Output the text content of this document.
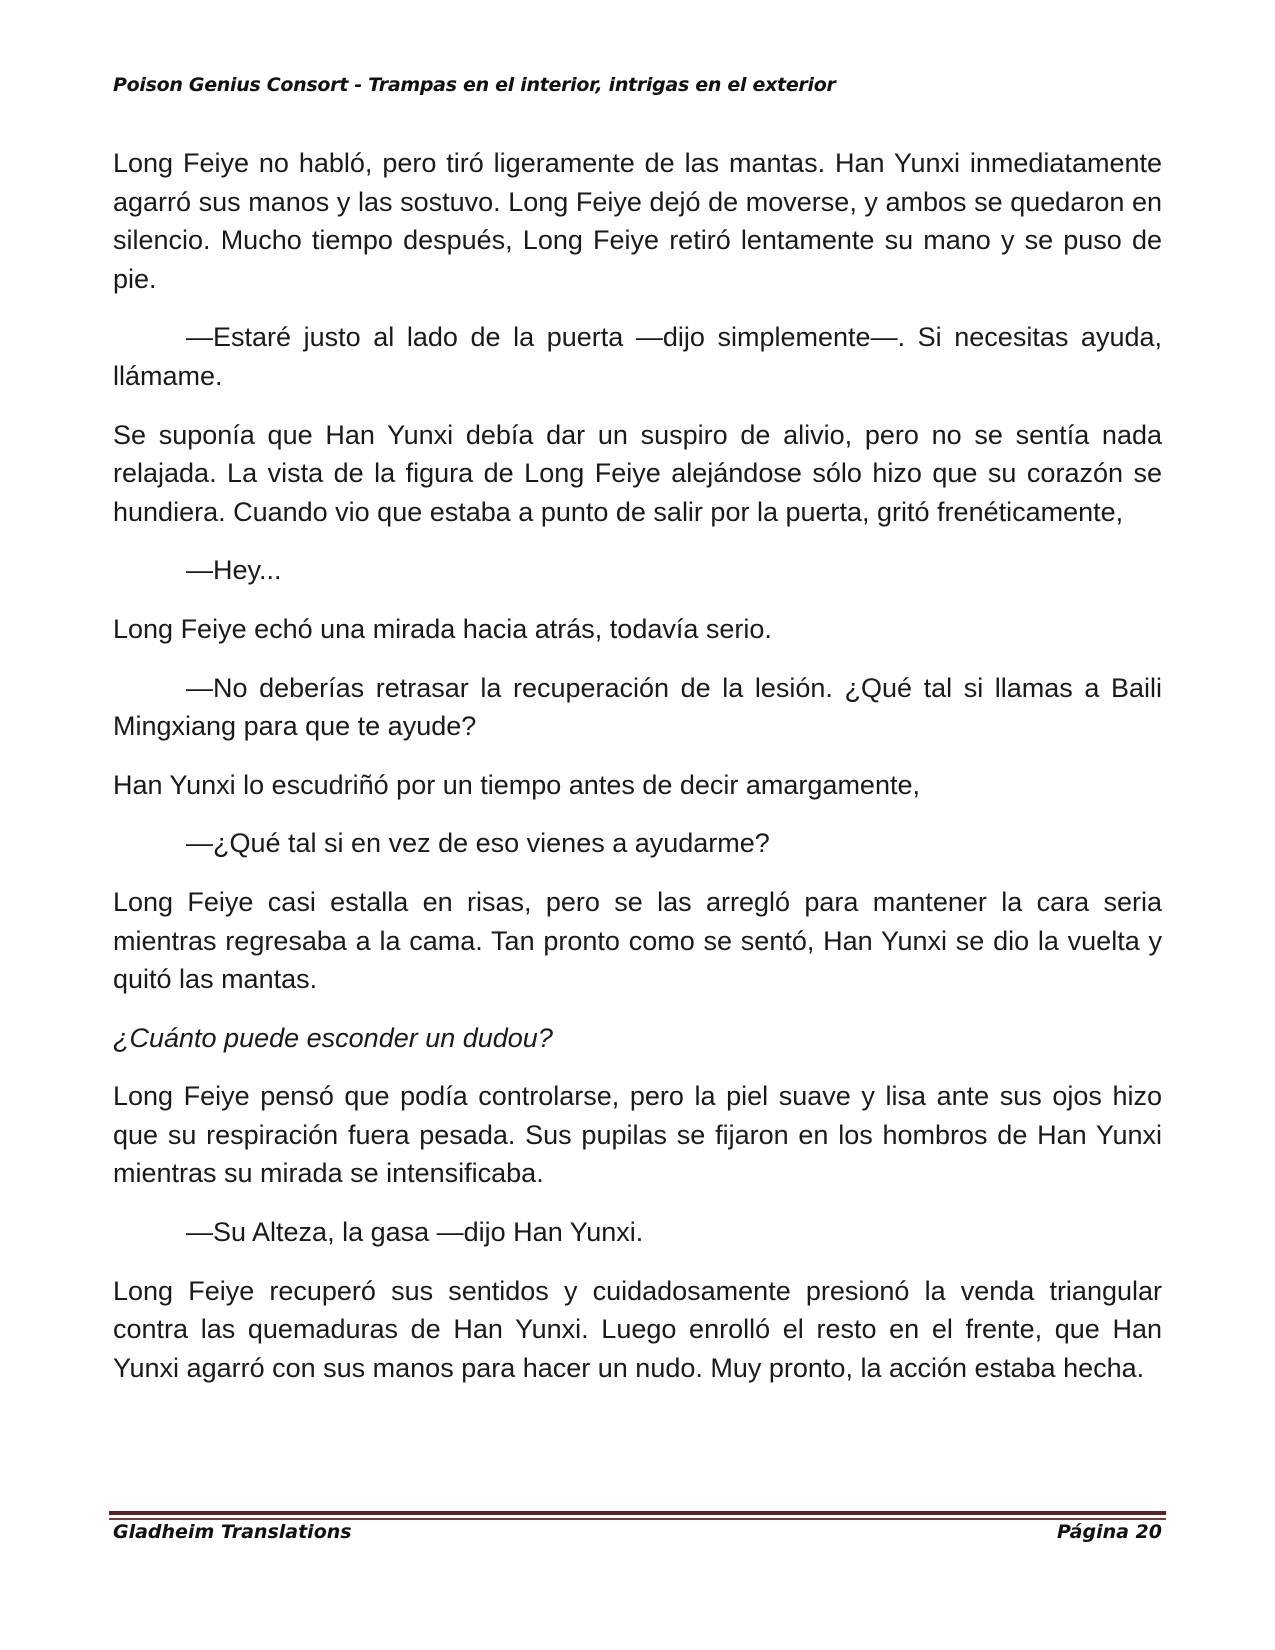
Poison Genius Consort - Trampas en el interior, intrigas en el exterior

Long Feiye no habló, pero tiró ligeramente de las mantas. Han Yunxi inmediatamente agarró sus manos y las sostuvo. Long Feiye dejó de moverse, y ambos se quedaron en silencio. Mucho tiempo después, Long Feiye retiró lentamente su mano y se puso de pie.

—Estaré justo al lado de la puerta —dijo simplemente—. Si necesitas ayuda, llámame.

Se suponía que Han Yunxi debía dar un suspiro de alivio, pero no se sentía nada relajada. La vista de la figura de Long Feiye alejándose sólo hizo que su corazón se hundiera. Cuando vio que estaba a punto de salir por la puerta, gritó frenéticamente,

—Hey...

Long Feiye echó una mirada hacia atrás, todavía serio.

—No deberías retrasar la recuperación de la lesión. ¿Qué tal si llamas a Baili Mingxiang para que te ayude?

Han Yunxi lo escudriñó por un tiempo antes de decir amargamente,

—¿Qué tal si en vez de eso vienes a ayudarme?

Long Feiye casi estalla en risas, pero se las arregló para mantener la cara seria mientras regresaba a la cama. Tan pronto como se sentó, Han Yunxi se dio la vuelta y quitó las mantas.

¿Cuánto puede esconder un dudou?

Long Feiye pensó que podía controlarse, pero la piel suave y lisa ante sus ojos hizo que su respiración fuera pesada. Sus pupilas se fijaron en los hombros de Han Yunxi mientras su mirada se intensificaba.

—Su Alteza, la gasa —dijo Han Yunxi.

Long Feiye recuperó sus sentidos y cuidadosamente presionó la venda triangular contra las quemaduras de Han Yunxi. Luego enrolló el resto en el frente, que Han Yunxi agarró con sus manos para hacer un nudo. Muy pronto, la acción estaba hecha.

Gladheim Translations	Página 20
